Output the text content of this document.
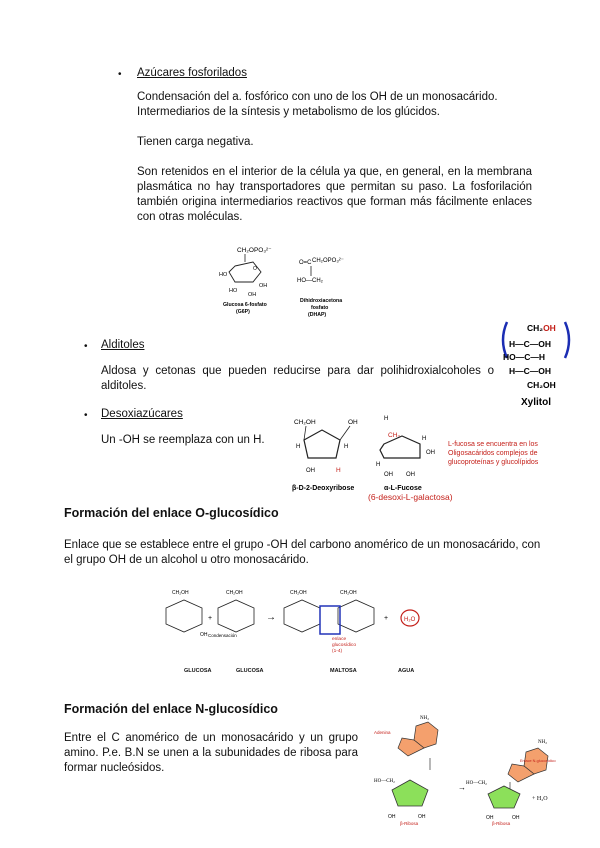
• Azúcares fosforilados
Condensación del a. fosfórico con uno de los OH de un monosacárido. Intermediarios de la síntesis y metabolismo de los glúcidos.
Tienen carga negativa.
Son retenidos en el interior de la célula ya que, en general, en la membrana plasmática no hay transportadores que permitan su paso. La fosforilación también origina intermediarios reactivos que forman más fácilmente enlaces con otras moléculas.
CH₂OPO₃²⁻
O
HO
OH
HO
OH
Glucosa 6-fosfato
(G6P)
CH₂OPO₃²⁻
O=C
HO—CH₂
Dihidroxiacetona
fosfato
(DHAP)
• Alditoles
Aldosa y cetonas que pueden reducirse para dar polihidroxialcoholes o alditoles.
CH₂OH
H—C—OH
HO—C—H
H—C—OH
CH₂OH
Xylitol
• Desoxiazúcares
Un -OH se reemplaza con un H.
CH₂OH	OH
H	H
OH	H
β-D-2-Deoxyribose
H
CH₃	H
OH
H
OH OH
α-L-Fucose
(6-desoxi-L-galactosa)
L-fucosa se encuentra en los Oligosacáridos complejos de glucoproteínas y glucolípidos
Formación del enlace O-glucosídico
Enlace que se establece entre el grupo -OH del carbono anomérico de un monosacárido, con el grupo OH de un alcohol u otro monosacárido.
CH₂OH
OH
+
CH₂OH
Condensación
→
CH₂OH	CH₂OH
enlace
glucosídico
(1-4)
+	H₂O
GLUCOSA	GLUCOSA	MALTOSA	AGUA
Formación del enlace N-glucosídico
Entre el C anomérico de un monosacárido y un grupo amino. P.e. B.N se unen a la subunidades de ribosa para formar nucleósidos.
NH₂
Adenina
HO—CH₂
OH	OH
β-Ribosa
→
NH₂
Enlace N-glucosídico
HO—CH₂
OH	OH
β-Ribosa
+ H₂O
